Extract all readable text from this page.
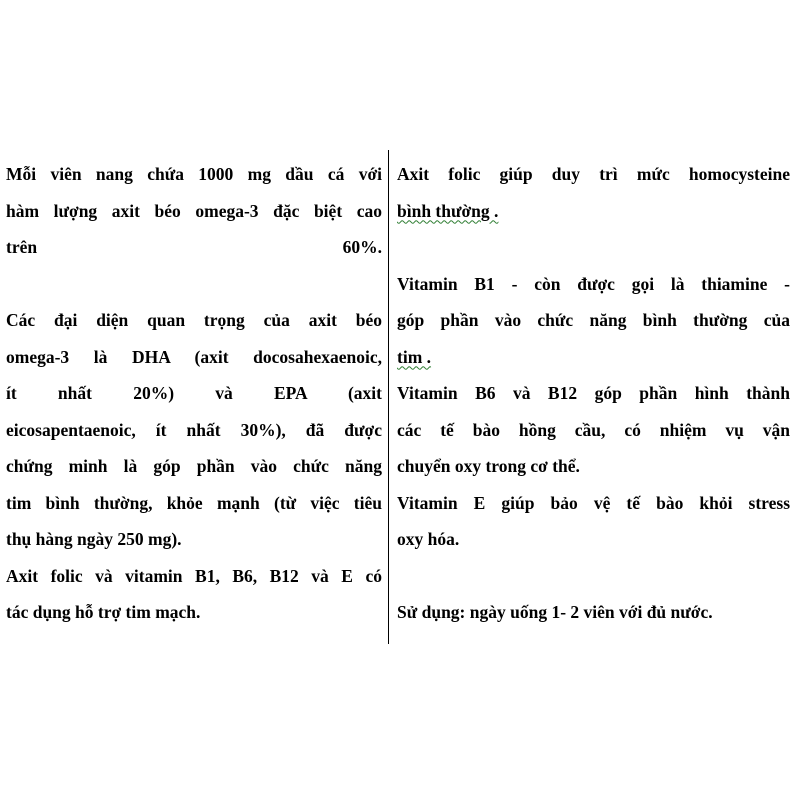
Mỗi viên nang chứa 1000 mg dầu cá với
hàm lượng axit béo omega-3 đặc biệt cao
trên 60%.
Các đại diện quan trọng của axit béo
omega-3 là DHA (axit docosahexaenoic,
ít nhất 20%) và EPA (axit
eicosapentaenoic, ít nhất 30%), đã được
chứng minh là góp phần vào chức năng
tim bình thường, khỏe mạnh (từ việc tiêu
thụ hàng ngày 250 mg).
Axit folic và vitamin B1, B6, B12 và E có
tác dụng hỗ trợ tim mạch.
Axit folic giúp duy trì mức homocysteine
bình thường .
Vitamin B1 - còn được gọi là thiamine -
góp phần vào chức năng bình thường của
tim .
Vitamin B6 và B12 góp phần hình thành
các tế bào hồng cầu, có nhiệm vụ vận
chuyển oxy trong cơ thể.
Vitamin E giúp bảo vệ tế bào khỏi stress
oxy hóa.
Sử dụng: ngày uống 1- 2 viên với đủ nước.
